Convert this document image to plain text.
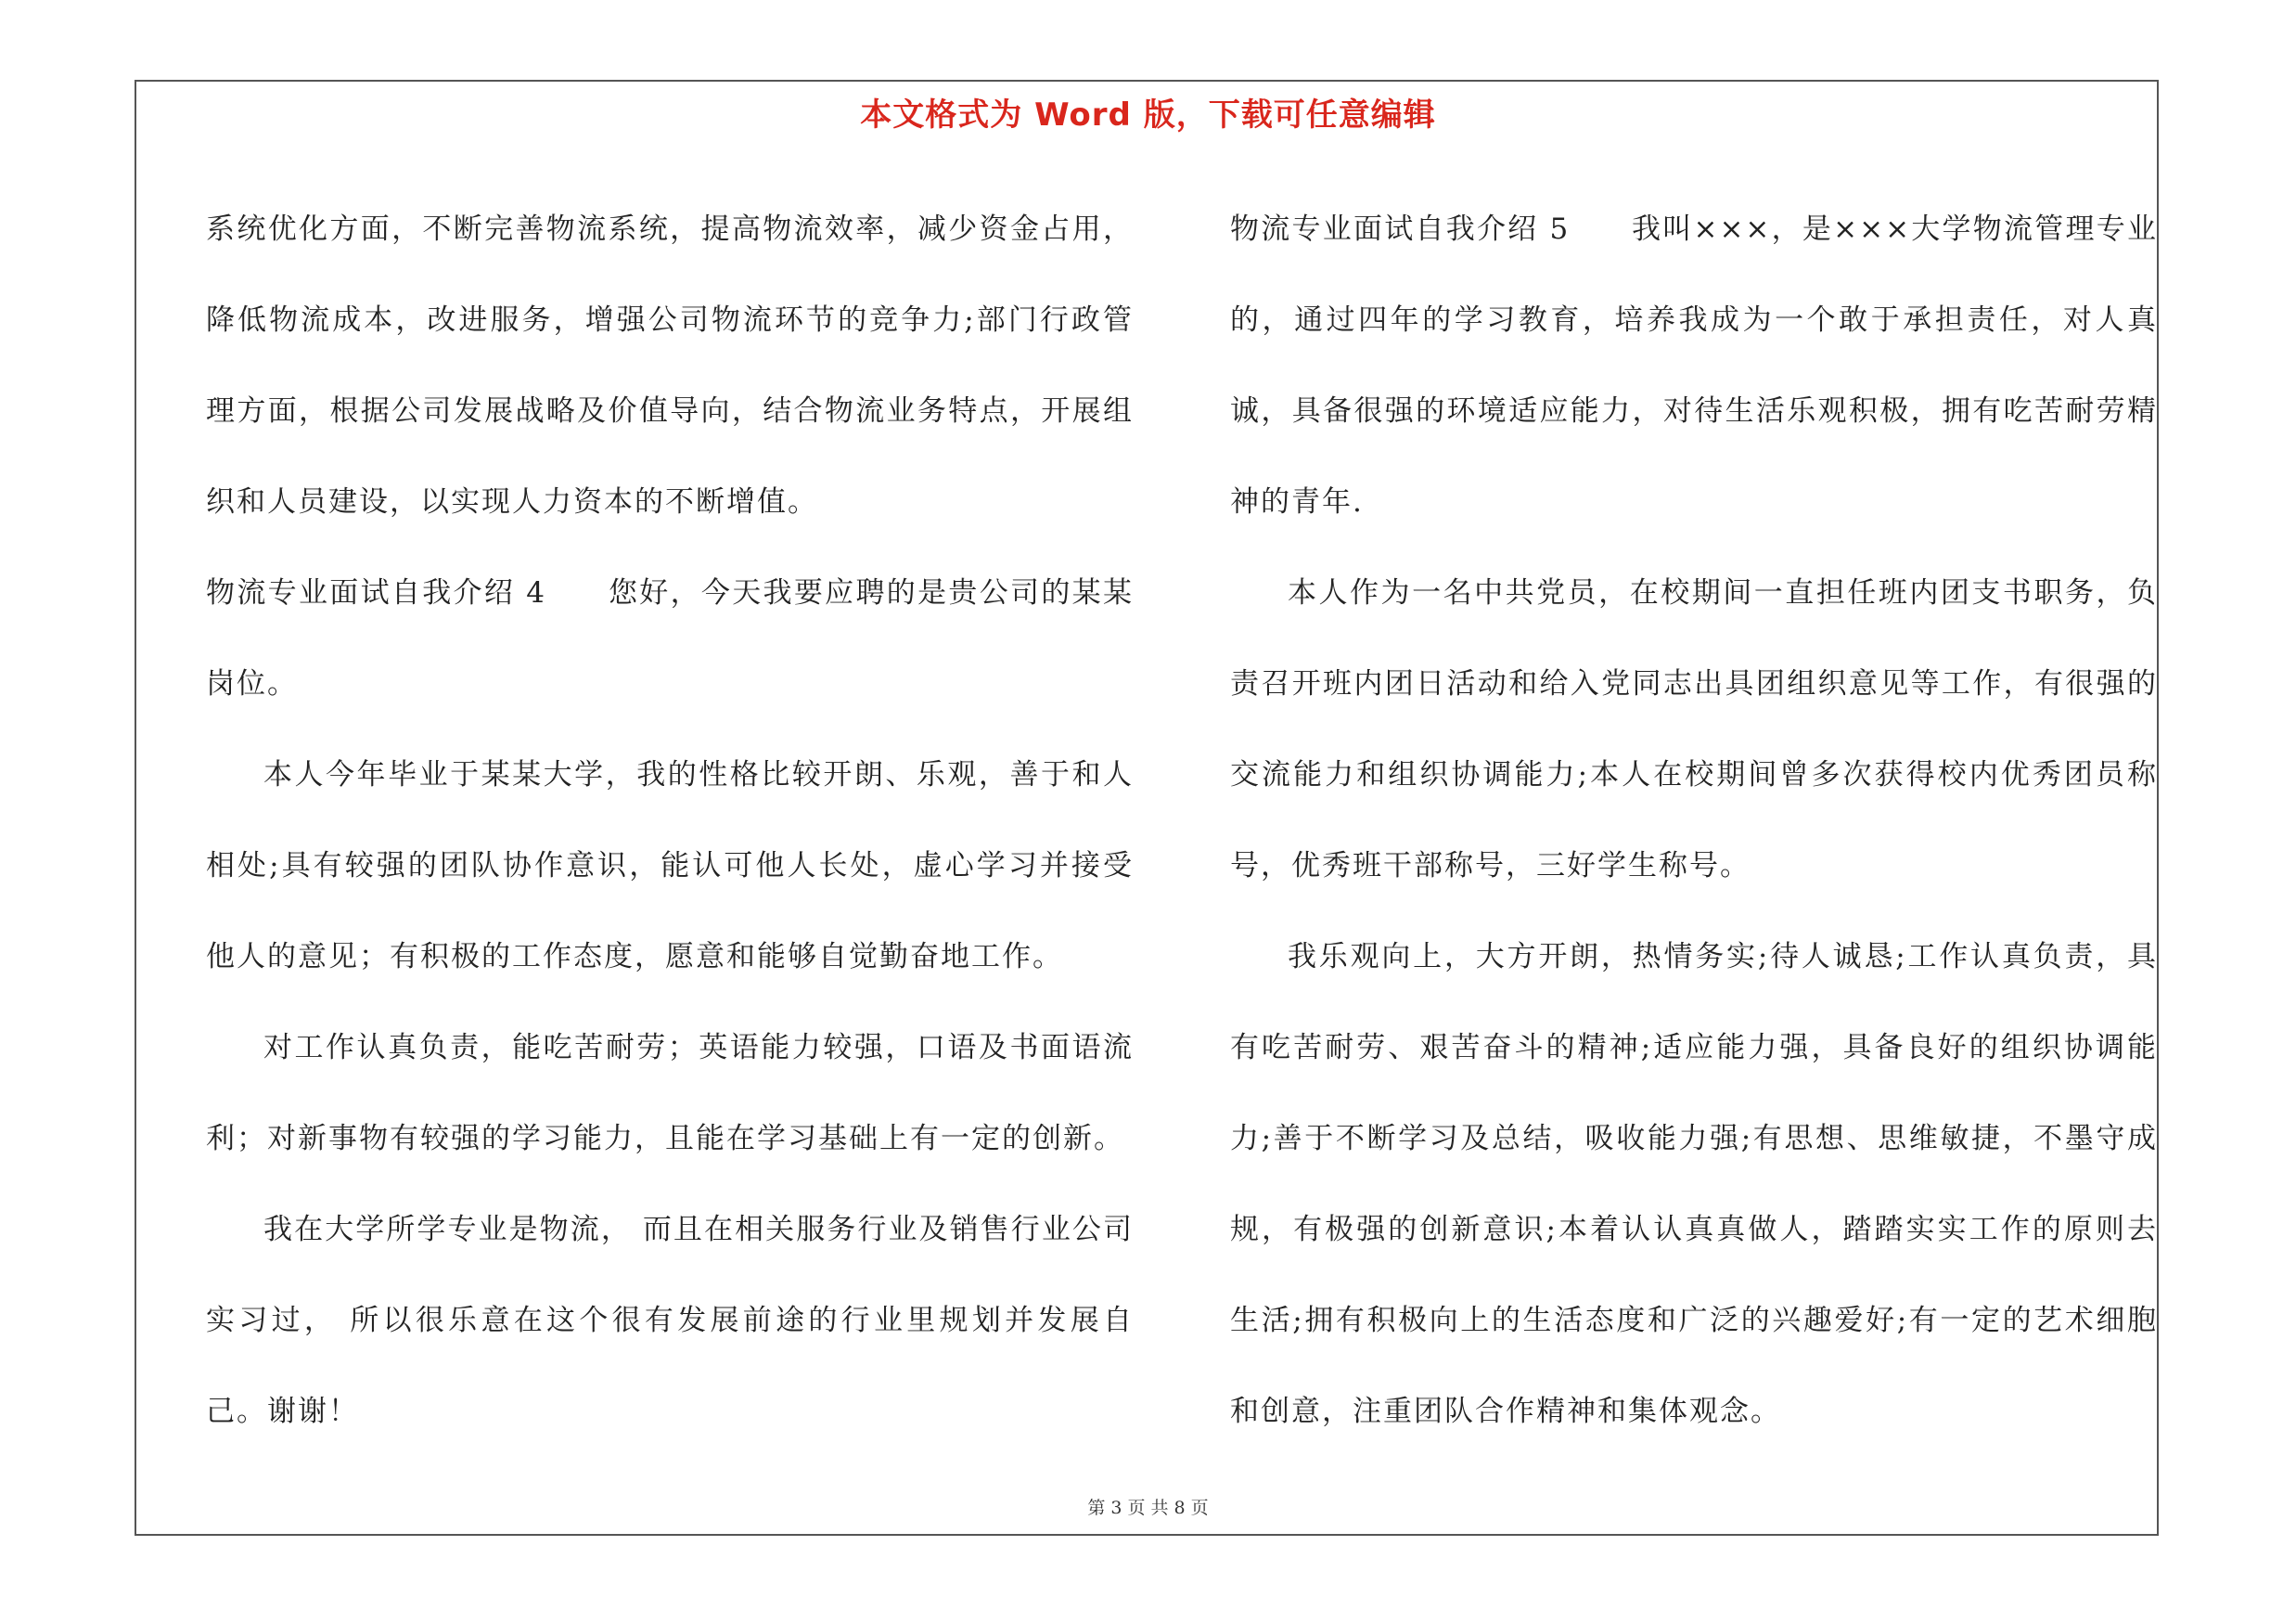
本文格式为 Word 版，下载可任意编辑

系统优化方面，不断完善物流系统，提高物流效率，减少资金占用，降低物流成本，改进服务，增强公司物流环节的竞争力;部门行政管理方面，根据公司发展战略及价值导向，结合物流业务特点，开展组织和人员建设，以实现人力资本的不断增值。

物流专业面试自我介绍 4　　您好，今天我要应聘的是贵公司的某某岗位。

本人今年毕业于某某大学，我的性格比较开朗、乐观，善于和人相处;具有较强的团队协作意识，能认可他人长处，虚心学习并接受他人的意见；有积极的工作态度，愿意和能够自觉勤奋地工作。

对工作认真负责，能吃苦耐劳；英语能力较强，口语及书面语流利；对新事物有较强的学习能力，且能在学习基础上有一定的创新。

我在大学所学专业是物流， 而且在相关服务行业及销售行业公司实习过， 所以很乐意在这个很有发展前途的行业里规划并发展自己。谢谢！

物流专业面试自我介绍 5　　我叫×××，是×××大学物流管理专业的，通过四年的学习教育，培养我成为一个敢于承担责任，对人真诚，具备很强的环境适应能力，对待生活乐观积极，拥有吃苦耐劳精神的青年.

本人作为一名中共党员，在校期间一直担任班内团支书职务，负责召开班内团日活动和给入党同志出具团组织意见等工作，有很强的交流能力和组织协调能力;本人在校期间曾多次获得校内优秀团员称号，优秀班干部称号，三好学生称号。

我乐观向上，大方开朗，热情务实;待人诚恳;工作认真负责，具有吃苦耐劳、艰苦奋斗的精神;适应能力强，具备良好的组织协调能力;善于不断学习及总结，吸收能力强;有思想、思维敏捷，不墨守成规，有极强的创新意识;本着认认真真做人，踏踏实实工作的原则去生活;拥有积极向上的生活态度和广泛的兴趣爱好;有一定的艺术细胞和创意，注重团队合作精神和集体观念。

第 3 页 共 8 页
